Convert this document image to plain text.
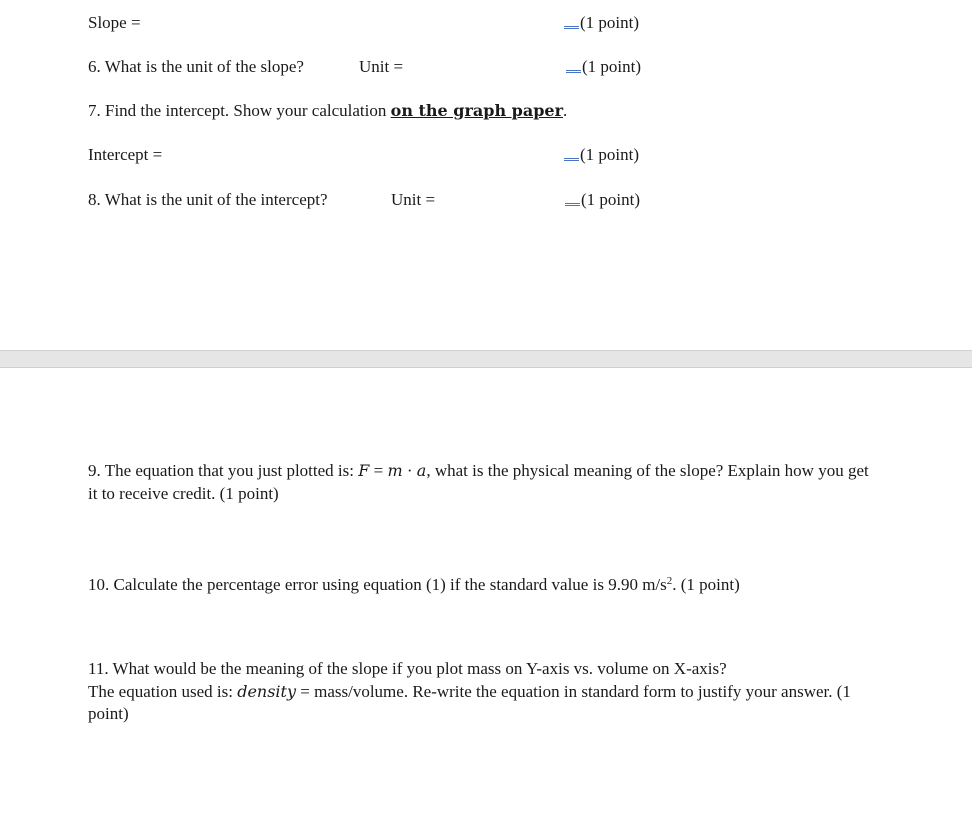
Slope =	(1 point)
6. What is the unit of the slope?	Unit =	(1 point)
7. Find the intercept. Show your calculation on the graph paper.
Intercept =	(1 point)
8. What is the unit of the intercept?	Unit =	(1 point)
9. The equation that you just plotted is: F = m · a, what is the physical meaning of the slope? Explain how you get it to receive credit. (1 point)
10. Calculate the percentage error using equation (1) if the standard value is 9.90 $m/s^2$. (1 point)
11. What would be the meaning of the slope if you plot mass on Y-axis vs. volume on X-axis?
The equation used is: density = mass/volume. Re-write the equation in standard form to justify your answer. (1 point)
